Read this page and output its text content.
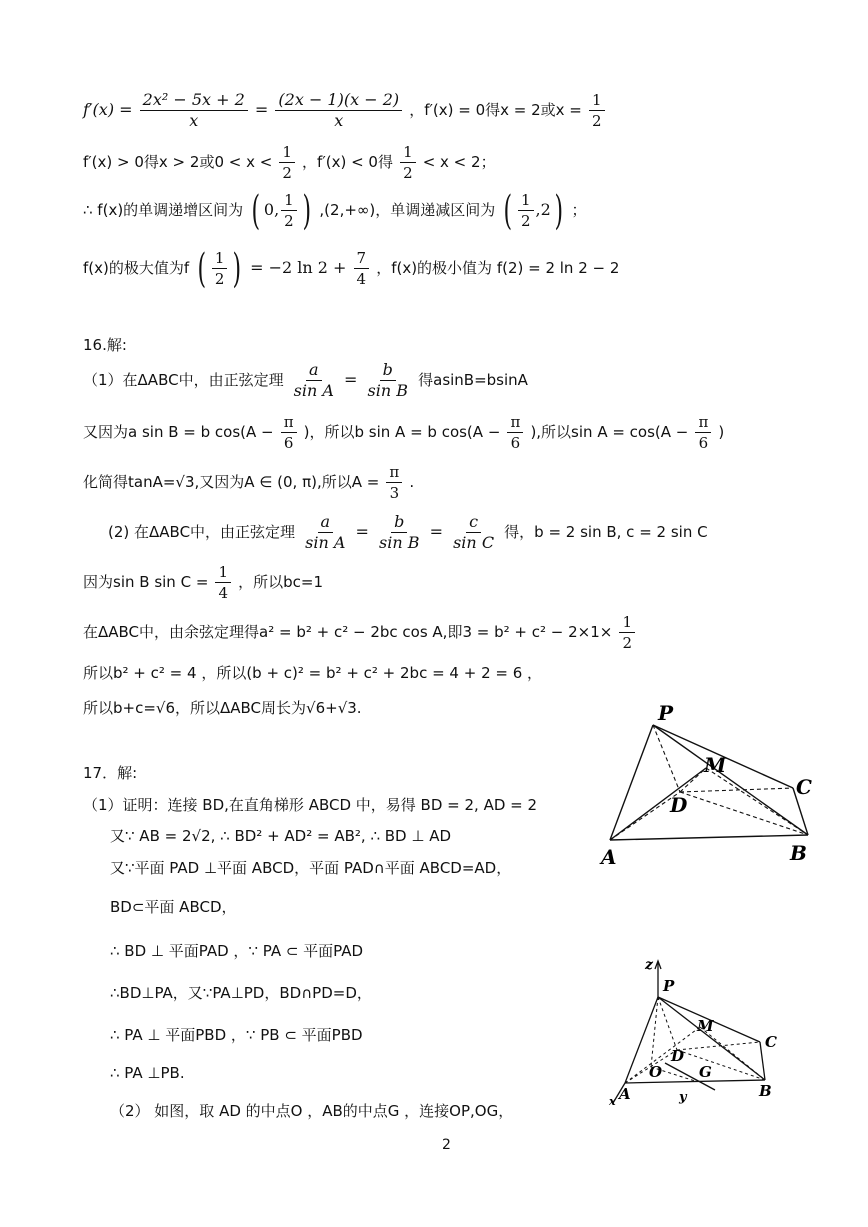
$f'(x) = \frac{\text{2x² − 5x + 2}}{x} = \frac{(2x - 1)(x - 2)}{x}$ ，f′(x) = 0得x = 2或$x = \frac{1}{2}$
f′(x) > 0得x > 2或$0 < x < \frac{1}{2}$ ，f′(x) < 0得 $\frac{1}{2} < x < 2$；
∴ f(x)的单调递增区间为 ( 0, $\frac{1}{2}$ ) ,(2,+∞)，单调递减区间为 ( $\frac{1}{2} ,2$) ；
f(x)的极大值为f ( $\frac{1}{2}$ ) = −2 $\ln 2 + \frac{7}{4}$ ，f(x)的极小值为 f(2) = 2 ln 2 − 2
16.解:
（1）在ΔABC中，由正弦定理 $\frac{a}{\text{sin A}} = \frac{b}{\text{sin B}}$ 得asinB=bsinA
又因为a sin B = b $\cos(A - \frac{\pi}{6}$ )，所以b sin A = b $\cos(A - \frac{\pi}{6}$ ),所以$\sin A = \cos(A - \frac{\pi}{6}$ )
化简得tanA=√3,又因为A ∈ (0, π),所以$A = \frac{\pi}{3}$ .
(2) 在ΔABC中，由正弦定理 $\frac{a}{\text{sin A}} = \frac{b}{\text{sin B}} = \frac{c}{\text{sin C}}$ 得，b = 2 sin B, c = 2 sin C
因为sin B $\sin C = \frac{1}{4}$ ，所以bc=1
在ΔABC中，由余弦定理得a² = b² + c² − 2bc cos A,即$3 = b^2 + c^2 - 2\times 1\times \frac{1}{2}$
所以b² + c² = 4 ，所以(b + c)² = b² + c² + 2bc = 4 + 2 = 6 ，
所以b+c=√6，所以ΔABC周长为√6+√3.
17．解:
（1）证明：连接 BD,在直角梯形 ABCD 中，易得 BD = 2, AD = 2
又∵ AB = 2√2, ∴ BD² + AD² = AB², ∴ BD ⊥ AD
又∵平面 PAD ⊥平面 ABCD，平面 PAD∩平面 ABCD=AD，
BD⊂平面 ABCD，
∴ BD ⊥ 平面PAD ，∵ PA ⊂ 平面PAD
∴BD⊥PA，又∵PA⊥PD，BD∩PD=D，
∴ PA ⊥ 平面PBD ，∵ PB ⊂ 平面PBD
∴ PA ⊥PB.
（2） 如图，取 AD 的中点O ，AB的中点G ，连接OP,OG，
P
M
C
D
A	B
z
P
M
C
D
O G
A	B
x	y
2
